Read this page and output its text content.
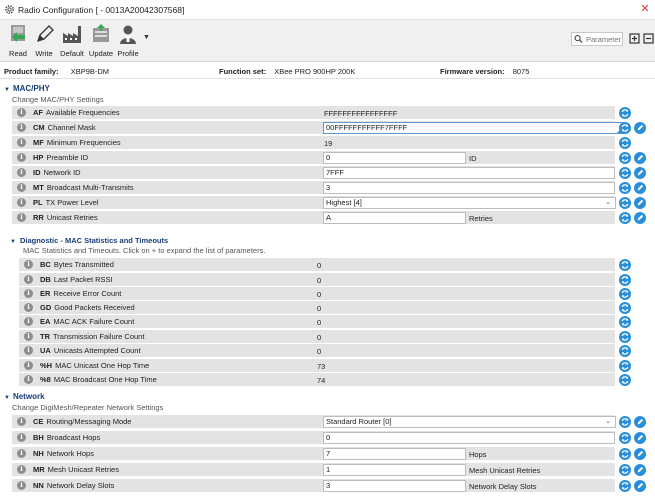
Radio Configuration [ - 0013A20042307568]	✕
Read	Write Default Update Profile
▼
Parameter
Product family: XBP9B-DM	Function set: XBee PRO 900HP 200K	Firmware version: 8075
▼ MAC/PHY
Change MAC/PHY Settings
i	AF Available Frequencies	FFFFFFFFFFFFFFFF
i	CM Channel Mask	00FFFFFFFFFFF7FFFF
i	MF Minimum Frequencies	19
i	HP Preamble ID	0	ID
i	ID Network ID	7FFF
i	MT Broadcast Multi-Transmits	3
i	PL TX Power Level	Highest [4]	⌄
i	RR Unicast Retries	A	Retries
▼ Diagnostic - MAC Statistics and Timeouts
MAC Statistics and Timeouts. Click on + to expand the list of parameters.
i	BC Bytes Transmitted	0
i	DB Last Packet RSSI	0
i	ER Receive Error Count	0
i	GD Good Packets Received	0
i	EA MAC ACK Failure Count	0
i	TR Transmission Failure Count	0
i	UA Unicasts Attempted Count	0
i	%H MAC Unicast One Hop Time	73
i	%8 MAC Broadcast One Hop Time	74
▼ Network
Change DigiMesh/Repeater Network Settings
i	CE Routing/Messaging Mode	Standard Router [0]	⌄
i	BH Broadcast Hops	0
i	NH Network Hops	7	Hops
i	MR Mesh Unicast Retries	1	Mesh Unicast Retries
i	NN Network Delay Slots	3	Network Delay Slots
